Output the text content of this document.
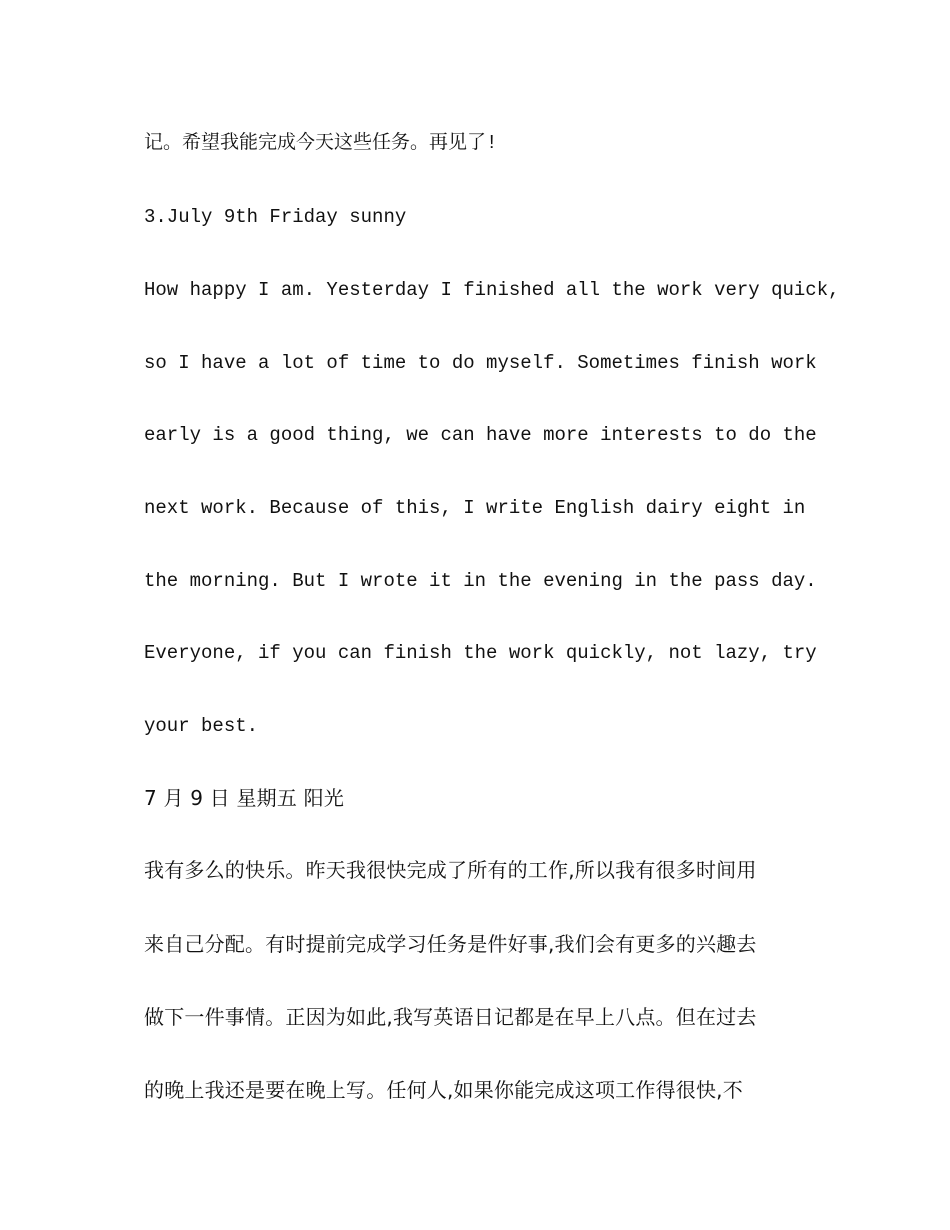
记。希望我能完成今天这些任务。再见了!

3.July 9th Friday sunny

How happy I am. Yesterday I finished all the work very quick,

so I have a lot of time to do myself. Sometimes finish work

early is a good thing, we can have more interests to do the

next work. Because of this, I write English dairy eight in

the morning. But I wrote it in the evening in the pass day.

Everyone, if you can finish the work quickly, not lazy, try

your best.

7 月 9 日 星期五 阳光

我有多么的快乐。昨天我很快完成了所有的工作,所以我有很多时间用

来自己分配。有时提前完成学习任务是件好事,我们会有更多的兴趣去

做下一件事情。正因为如此,我写英语日记都是在早上八点。但在过去

的晚上我还是要在晚上写。任何人,如果你能完成这项工作得很快,不
